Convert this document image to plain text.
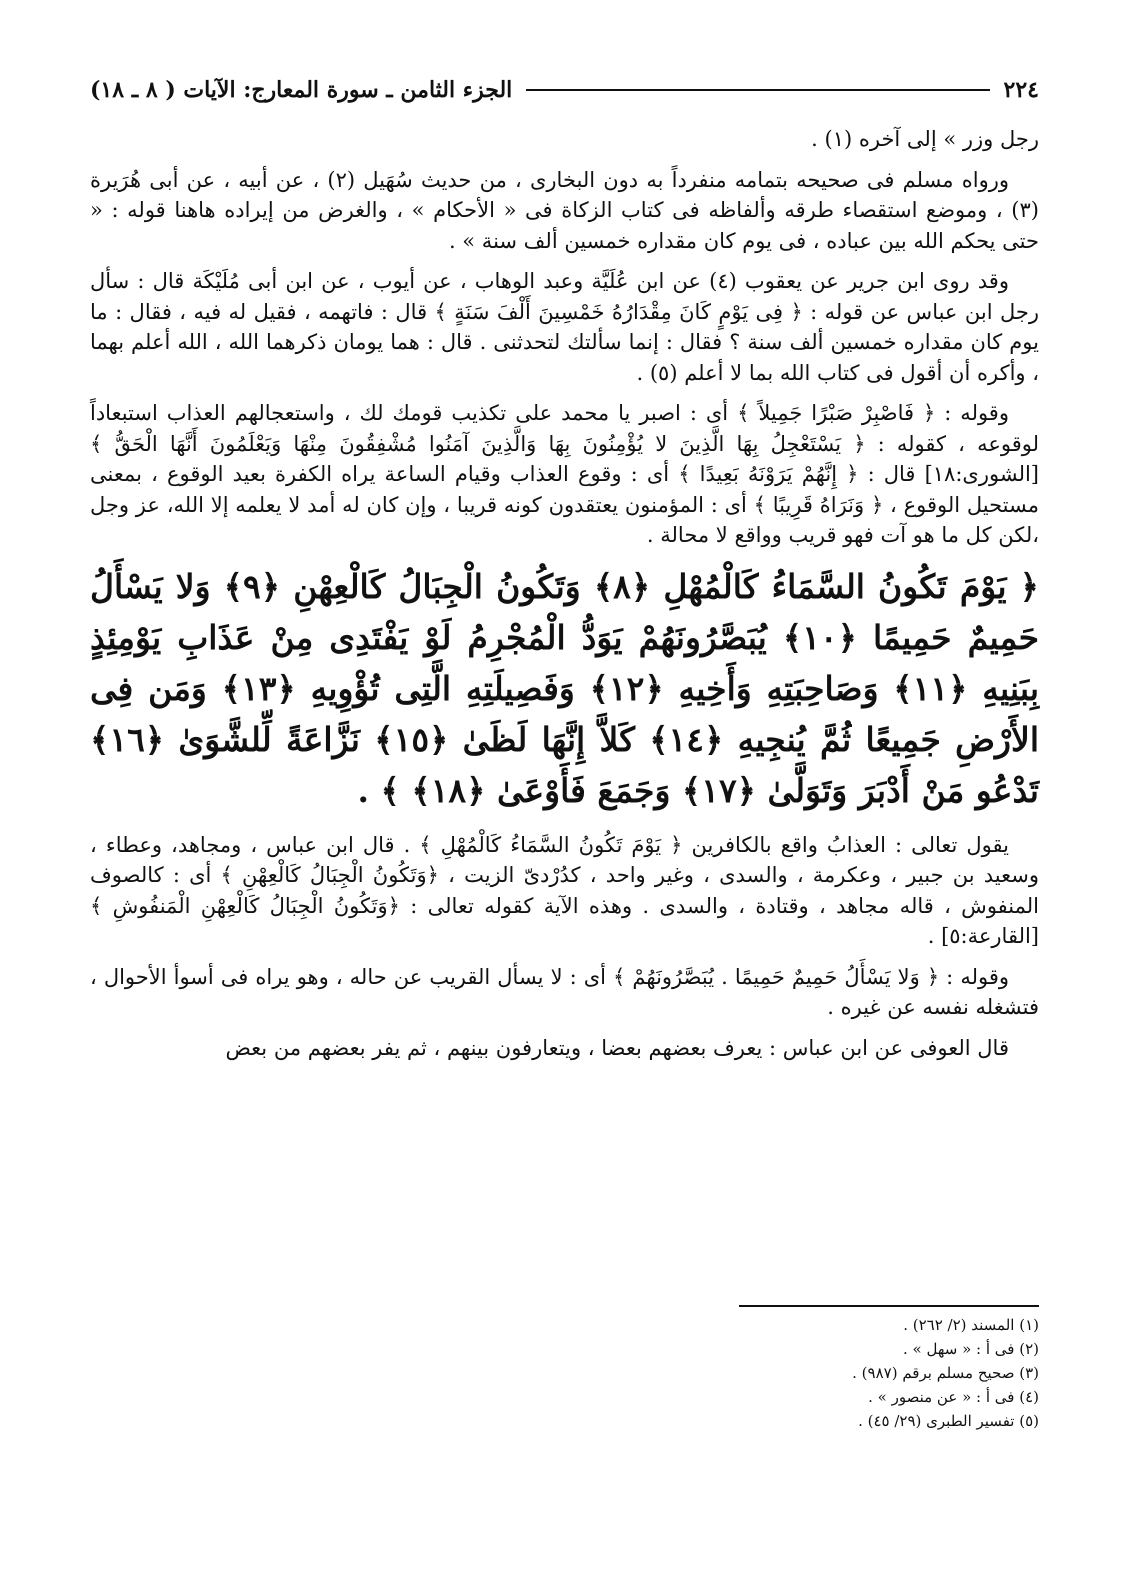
٢٢٤
الجزء الثامن ـ سورة المعارج: الآيات ( ٨ ـ ١٨)

رجل وزر » إلى آخره (١) .

ورواه مسلم فى صحيحه بتمامه منفرداً به دون البخارى ، من حديث سُهَيل (٢) ، عن أبيه ، عن أبى هُرَيرة (٣) ، وموضع استقصاء طرقه وألفاظه فى كتاب الزكاة فى « الأحكام » ، والغرض من إيراده هاهنا قوله : « حتى يحكم الله بين عباده ، فى يوم كان مقداره خمسين ألف سنة » .

وقد روى ابن جرير عن يعقوب (٤) عن ابن عُلَيَّة وعبد الوهاب ، عن أيوب ، عن ابن أبى مُلَيْكَة قال : سأل رجل ابن عباس عن قوله : ﴿ فِى يَوْمٍ كَانَ مِقْدَارُهُ خَمْسِينَ أَلْفَ سَنَةٍ ﴾ قال : فاتهمه ، فقيل له فيه ، فقال : ما يوم كان مقداره خمسين ألف سنة ؟ فقال : إنما سألتك لتحدثنى . قال : هما يومان ذكرهما الله ، الله أعلم بهما ، وأكره أن أقول فى كتاب الله بما لا أعلم (٥) .

وقوله : ﴿ فَاصْبِرْ صَبْرًا جَمِيلاً ﴾ أى : اصبر يا محمد على تكذيب قومك لك ، واستعجالهم العذاب استبعاداً لوقوعه ، كقوله : ﴿ يَسْتَعْجِلُ بِهَا الَّذِينَ لا يُؤْمِنُونَ بِهَا وَالَّذِينَ آمَنُوا مُشْفِقُونَ مِنْهَا وَيَعْلَمُونَ أَنَّهَا الْحَقُّ ﴾ [الشورى:١٨] قال : ﴿ إِنَّهُمْ يَرَوْنَهُ بَعِيدًا ﴾ أى : وقوع العذاب وقيام الساعة يراه الكفرة بعيد الوقوع ، بمعنى مستحيل الوقوع ، ﴿ وَنَرَاهُ قَرِيبًا ﴾ أى : المؤمنون يعتقدون كونه قريبا ، وإن كان له أمد لا يعلمه إلا الله، عز وجل ،لكن كل ما هو آت فهو قريب وواقع لا محالة .

﴿ يَوْمَ تَكُونُ السَّمَاءُ كَالْمُهْلِ ﴿٨﴾ وَتَكُونُ الْجِبَالُ كَالْعِهْنِ ﴿٩﴾ وَلا يَسْأَلُ حَمِيمٌ حَمِيمًا ﴿١٠﴾ يُبَصَّرُونَهُمْ يَوَدُّ الْمُجْرِمُ لَوْ يَفْتَدِى مِنْ عَذَابِ يَوْمِئِذٍ بِبَنِيهِ ﴿١١﴾ وَصَاحِبَتِهِ وَأَخِيهِ ﴿١٢﴾ وَفَصِيلَتِهِ الَّتِى تُؤْوِيهِ ﴿١٣﴾ وَمَن فِى الأَرْضِ جَمِيعًا ثُمَّ يُنجِيهِ ﴿١٤﴾ كَلاَّ إِنَّهَا لَظَىٰ ﴿١٥﴾ نَزَّاعَةً لِّلشَّوَىٰ ﴿١٦﴾ تَدْعُو مَنْ أَدْبَرَ وَتَوَلَّىٰ ﴿١٧﴾ وَجَمَعَ فَأَوْعَىٰ ﴿١٨﴾ ﴾ .

يقول تعالى : العذابُ واقع بالكافرين ﴿ يَوْمَ تَكُونُ السَّمَاءُ كَالْمُهْلِ ﴾ . قال ابن عباس ، ومجاهد، وعطاء ، وسعيد بن جبير ، وعكرمة ، والسدى ، وغير واحد ، كدُرْدىّ الزيت ، ﴿وَتَكُونُ الْجِبَالُ كَالْعِهْنِ ﴾ أى : كالصوف المنفوش ، قاله مجاهد ، وقتادة ، والسدى . وهذه الآية كقوله تعالى : ﴿وَتَكُونُ الْجِبَالُ كَالْعِهْنِ الْمَنفُوشِ ﴾ [القارعة:٥] .

وقوله : ﴿ وَلا يَسْأَلُ حَمِيمٌ حَمِيمًا . يُبَصَّرُونَهُمْ ﴾ أى : لا يسأل القريب عن حاله ، وهو يراه فى أسوأ الأحوال ، فتشغله نفسه عن غيره .

قال العوفى عن ابن عباس : يعرف بعضهم بعضا ، ويتعارفون بينهم ، ثم يفر بعضهم من بعض

(١) المسند (٢/ ٢٦٢) .
(٢) فى أ : « سهل » .
(٣) صحيح مسلم برقم (٩٨٧) .
(٤) فى أ : « عن منصور » .
(٥) تفسير الطبرى (٢٩/ ٤٥) .
